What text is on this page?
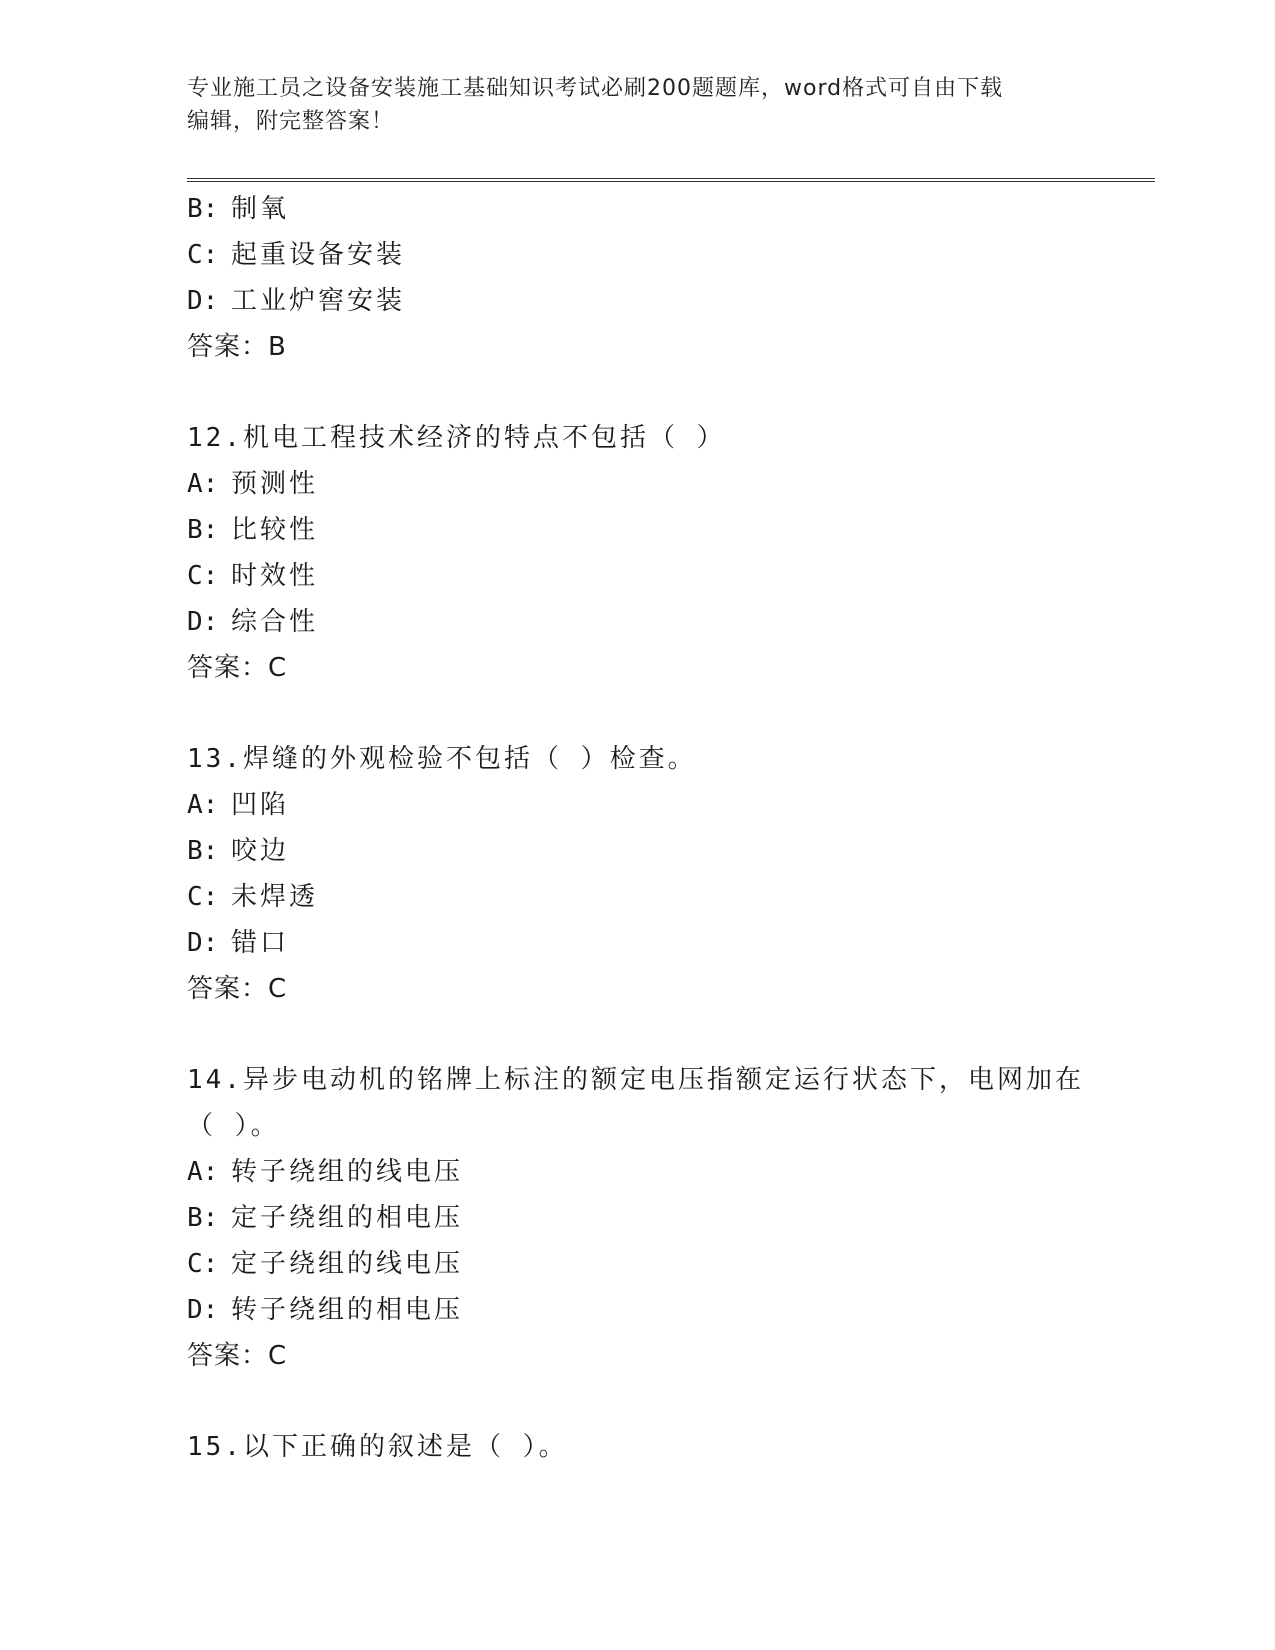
专业施工员之设备安装施工基础知识考试必刷200题题库，word格式可自由下载
编辑，附完整答案！
B: 制氧
C: 起重设备安装
D: 工业炉窖安装
答案：B
12.机电工程技术经济的特点不包括（ ）
A: 预测性
B: 比较性
C: 时效性
D: 综合性
答案：C
13.焊缝的外观检验不包括（ ）检查。
A: 凹陷
B: 咬边
C: 未焊透
D: 错口
答案：C
14.异步电动机的铭牌上标注的额定电压指额定运行状态下，电网加在
（ ）。
A: 转子绕组的线电压
B: 定子绕组的相电压
C: 定子绕组的线电压
D: 转子绕组的相电压
答案：C
15.以下正确的叙述是（ ）。
